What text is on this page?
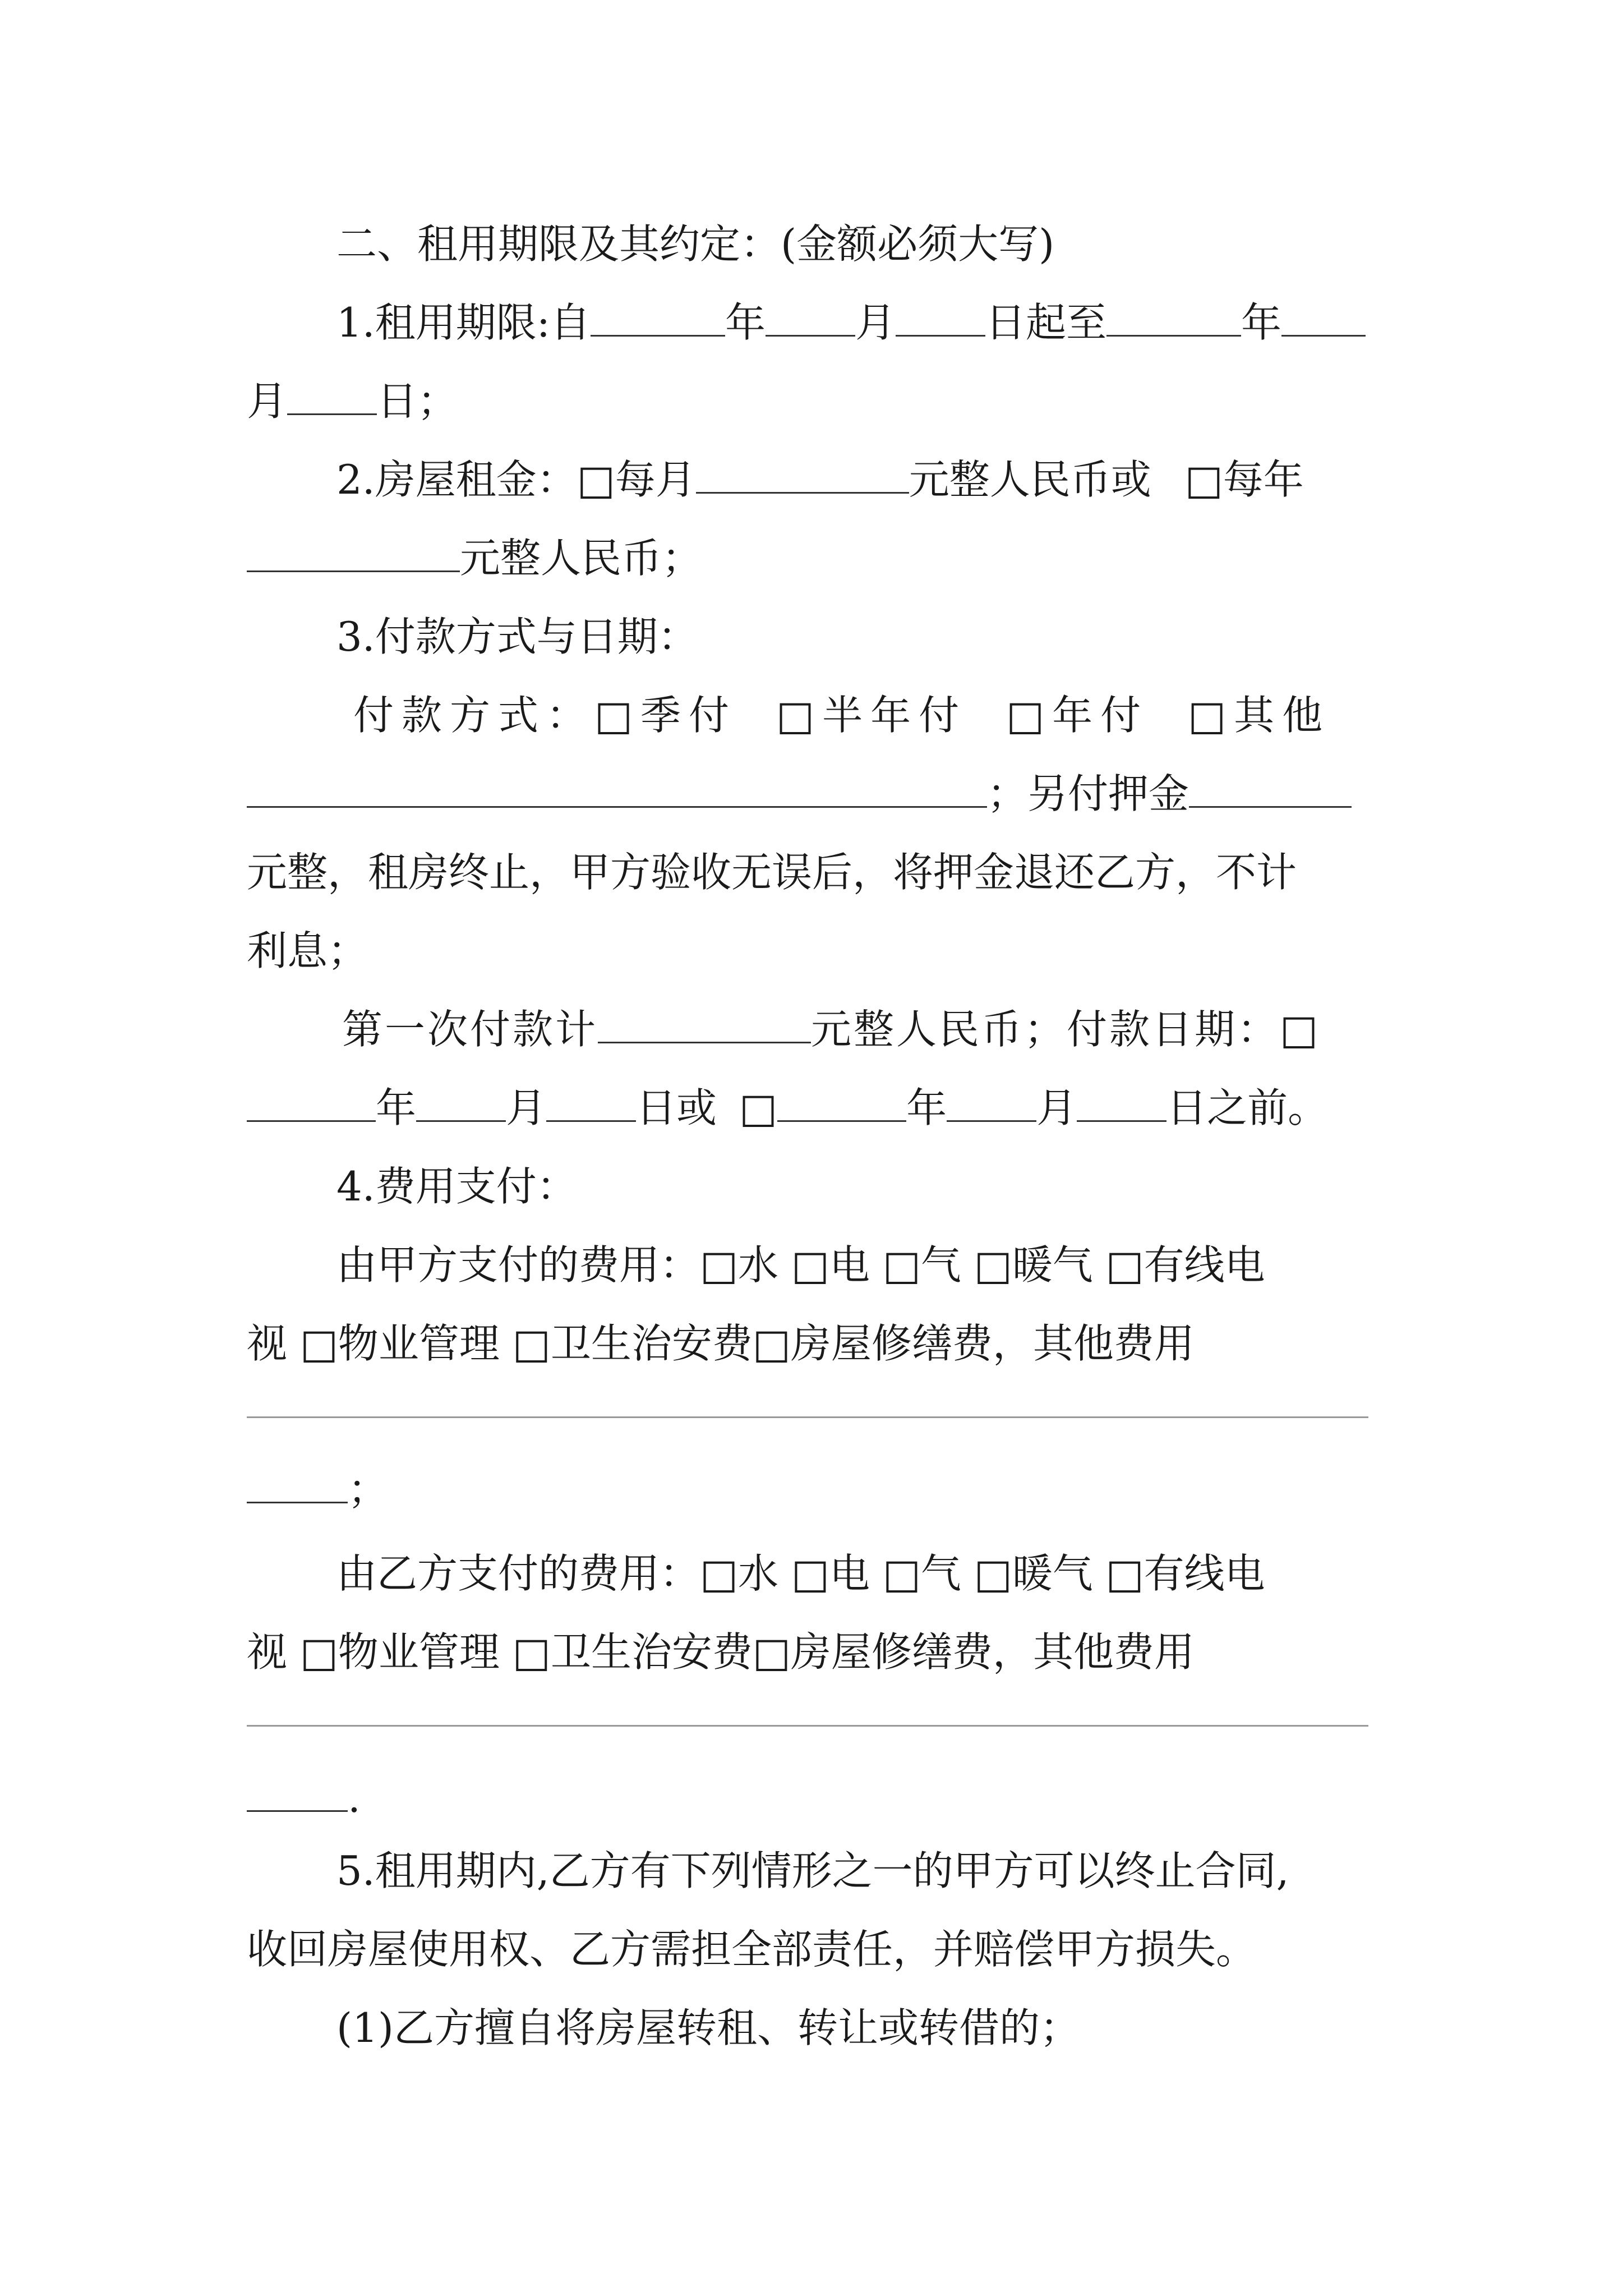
二、租用期限及其约定：(金额必须大写)
1.租用期限:自	年 月 日起至	年
月 日；
2.房屋租金：□每月	元整人民币或 □每年
元整人民币；
3.付款方式与日期：
付款方式：□季付 □半年付 □年付 □其他
；另付押金
元整，租房终止，甲方验收无误后，将押金退还乙方，不计
利息；
第一次付款计	元整人民币；付款日期：□
年 月 日或 □	年 月 日之前。
4.费用支付：
由甲方支付的费用：□水 □电 □气 □暖气 □有线电
视 □物业管理 □卫生治安费□房屋修缮费，其他费用
；
由乙方支付的费用：□水 □电 □气 □暖气 □有线电
视 □物业管理 □卫生治安费□房屋修缮费，其他费用
.
5.租用期内,乙方有下列情形之一的甲方可以终止合同,
收回房屋使用权、乙方需担全部责任，并赔偿甲方损失。
(1)乙方擅自将房屋转租、转让或转借的；
